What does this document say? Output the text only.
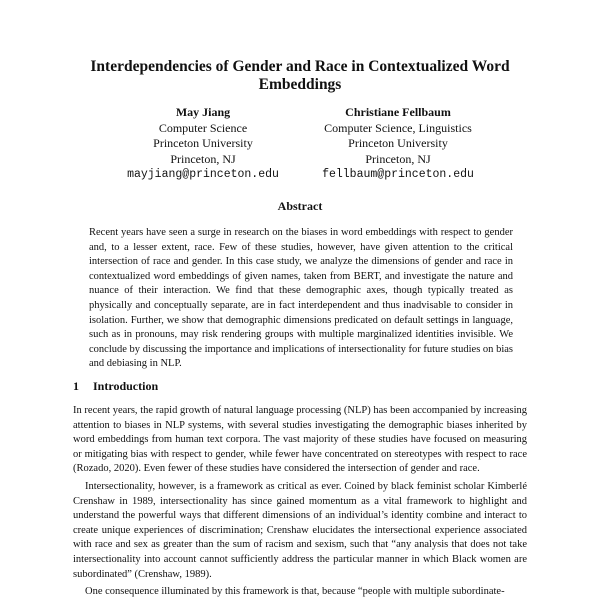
Interdependencies of Gender and Race in Contextualized Word Embeddings
May Jiang
Computer Science
Princeton University
Princeton, NJ
mayjiang@princeton.edu
Christiane Fellbaum
Computer Science, Linguistics
Princeton University
Princeton, NJ
fellbaum@princeton.edu
Abstract
Recent years have seen a surge in research on the biases in word embeddings with respect to gender and, to a lesser extent, race. Few of these studies, however, have given attention to the critical intersection of race and gender. In this case study, we analyze the dimensions of gender and race in contextualized word embeddings of given names, taken from BERT, and investigate the nature and nuance of their interaction. We find that these demographic axes, though typically treated as physically and conceptually separate, are in fact interdependent and thus inadvisable to consider in isolation. Further, we show that demographic dimensions predicated on default settings in language, such as in pronouns, may risk rendering groups with multiple marginalized identities invisible. We conclude by discussing the importance and implications of intersectionality for future studies on bias and debiasing in NLP.
1 Introduction

In recent years, the rapid growth of natural language processing (NLP) has been accompanied by increasing attention to biases in NLP systems, with several studies investigating the demographic biases inherited by word embeddings from human text corpora. The vast majority of these studies have focused on measuring or mitigating bias with respect to gender, while fewer have concentrated on stereotypes with respect to race (Rozado, 2020). Even fewer of these studies have considered the intersection of gender and race.

Intersectionality, however, is a framework as critical as ever. Coined by black feminist scholar Kimberlé Crenshaw in 1989, intersectionality has since gained momentum as a vital framework to highlight and understand the powerful ways that different dimensions of an individual’s identity combine and interact to create unique experiences of discrimination; Crenshaw elucidates the intersectional experience associated with race and sex as greater than the sum of racism and sexism, such that “any analysis that does not take intersectionality into account cannot sufficiently address the particular manner in which Black women are subordinated” (Crenshaw, 1989).

One consequence illuminated by this framework is that, because “people with multiple subordinate-
